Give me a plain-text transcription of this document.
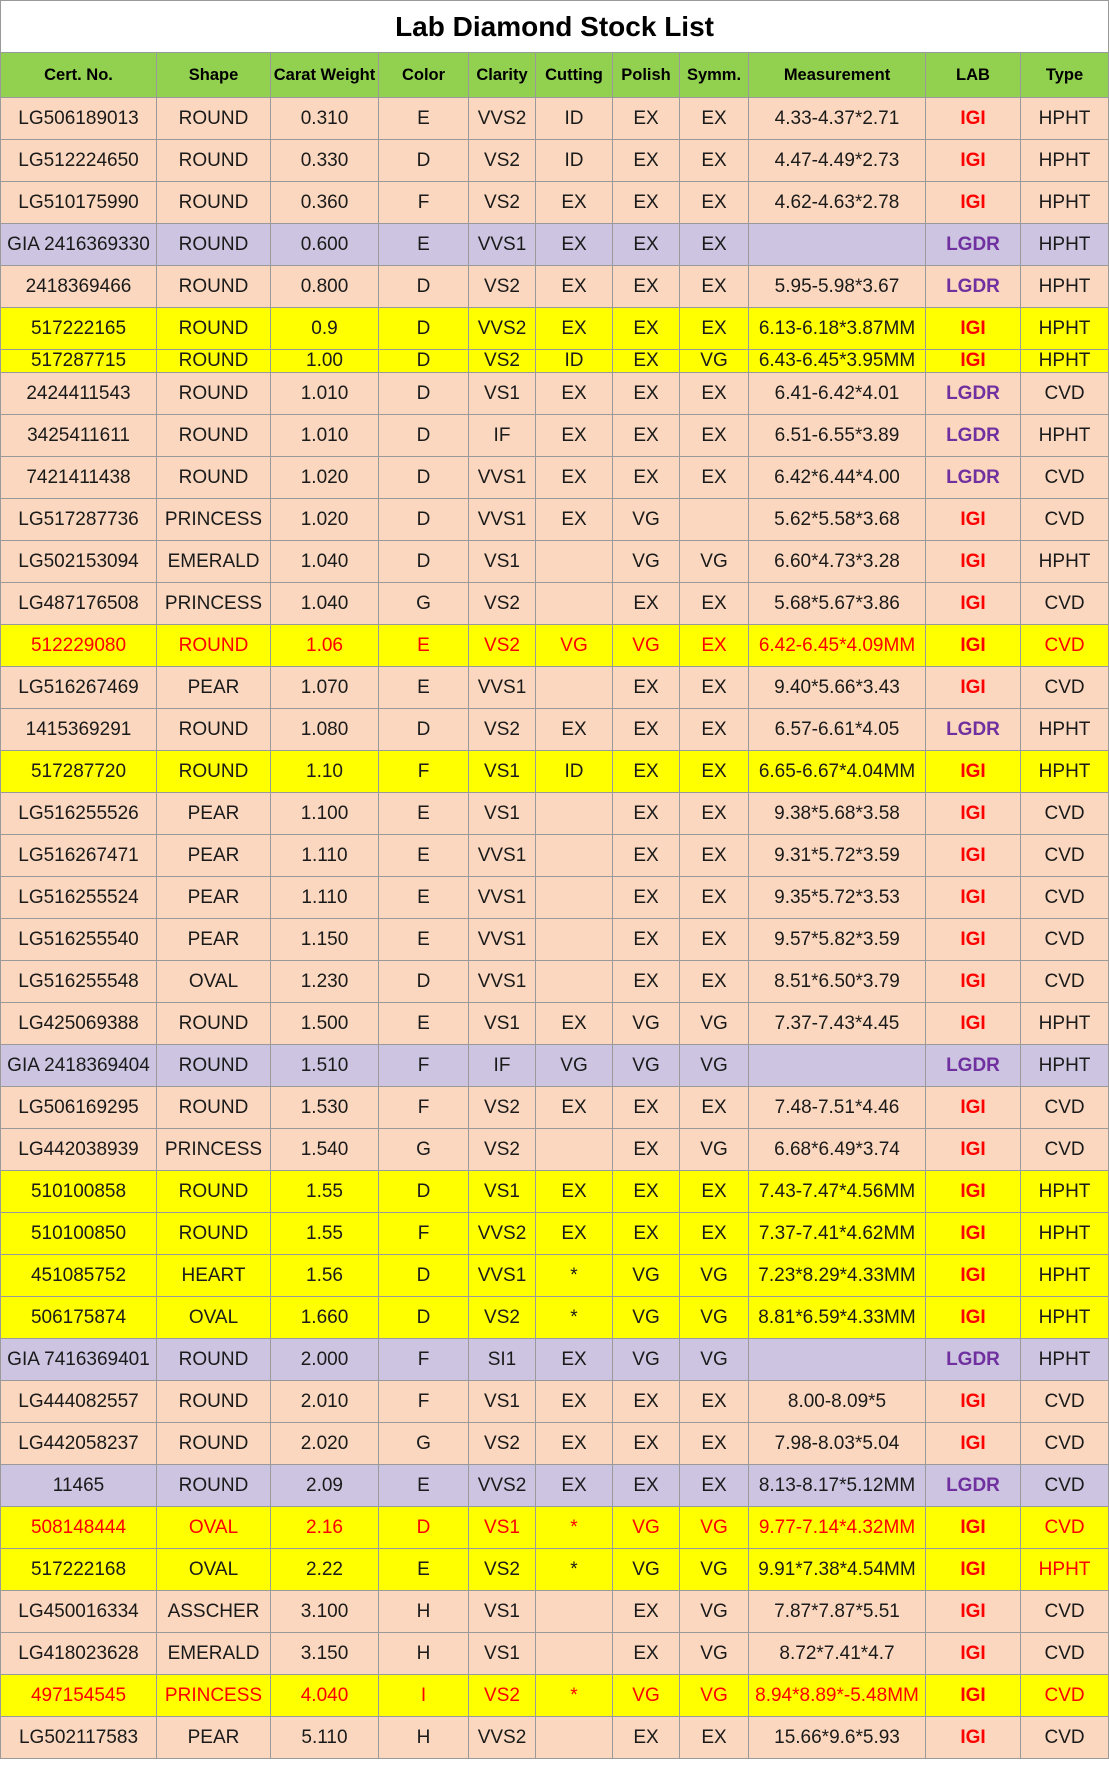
Lab Diamond Stock List										
Cert. No.	Shape	Carat Weight	Color	Clarity	Cutting	Polish	Symm.	Measurement	LAB	Type
LG506189013	ROUND	0.310	E	VVS2	ID	EX	EX	4.33-4.37*2.71	IGI	HPHT
LG512224650	ROUND	0.330	D	VS2	ID	EX	EX	4.47-4.49*2.73	IGI	HPHT
LG510175990	ROUND	0.360	F	VS2	EX	EX	EX	4.62-4.63*2.78	IGI	HPHT
GIA 2416369330	ROUND	0.600	E	VVS1	EX	EX	EX		LGDR	HPHT
2418369466	ROUND	0.800	D	VS2	EX	EX	EX	5.95-5.98*3.67	LGDR	HPHT
517222165	ROUND	0.9	D	VVS2	EX	EX	EX	6.13-6.18*3.87MM	IGI	HPHT
517287715	ROUND	1.00	D	VS2	ID	EX	VG	6.43-6.45*3.95MM	IGI	HPHT
2424411543	ROUND	1.010	D	VS1	EX	EX	EX	6.41-6.42*4.01	LGDR	CVD
3425411611	ROUND	1.010	D	IF	EX	EX	EX	6.51-6.55*3.89	LGDR	HPHT
7421411438	ROUND	1.020	D	VVS1	EX	EX	EX	6.42*6.44*4.00	LGDR	CVD
LG517287736	PRINCESS	1.020	D	VVS1	EX	VG		5.62*5.58*3.68	IGI	CVD
LG502153094	EMERALD	1.040	D	VS1		VG	VG	6.60*4.73*3.28	IGI	HPHT
LG487176508	PRINCESS	1.040	G	VS2		EX	EX	5.68*5.67*3.86	IGI	CVD
512229080	ROUND	1.06	E	VS2	VG	VG	EX	6.42-6.45*4.09MM	IGI	CVD
LG516267469	PEAR	1.070	E	VVS1		EX	EX	9.40*5.66*3.43	IGI	CVD
1415369291	ROUND	1.080	D	VS2	EX	EX	EX	6.57-6.61*4.05	LGDR	HPHT
517287720	ROUND	1.10	F	VS1	ID	EX	EX	6.65-6.67*4.04MM	IGI	HPHT
LG516255526	PEAR	1.100	E	VS1		EX	EX	9.38*5.68*3.58	IGI	CVD
LG516267471	PEAR	1.110	E	VVS1		EX	EX	9.31*5.72*3.59	IGI	CVD
LG516255524	PEAR	1.110	E	VVS1		EX	EX	9.35*5.72*3.53	IGI	CVD
LG516255540	PEAR	1.150	E	VVS1		EX	EX	9.57*5.82*3.59	IGI	CVD
LG516255548	OVAL	1.230	D	VVS1		EX	EX	8.51*6.50*3.79	IGI	CVD
LG425069388	ROUND	1.500	E	VS1	EX	VG	VG	7.37-7.43*4.45	IGI	HPHT
GIA 2418369404	ROUND	1.510	F	IF	VG	VG	VG		LGDR	HPHT
LG506169295	ROUND	1.530	F	VS2	EX	EX	EX	7.48-7.51*4.46	IGI	CVD
LG442038939	PRINCESS	1.540	G	VS2		EX	VG	6.68*6.49*3.74	IGI	CVD
510100858	ROUND	1.55	D	VS1	EX	EX	EX	7.43-7.47*4.56MM	IGI	HPHT
510100850	ROUND	1.55	F	VVS2	EX	EX	EX	7.37-7.41*4.62MM	IGI	HPHT
451085752	HEART	1.56	D	VVS1	*	VG	VG	7.23*8.29*4.33MM	IGI	HPHT
506175874	OVAL	1.660	D	VS2	*	VG	VG	8.81*6.59*4.33MM	IGI	HPHT
GIA 7416369401	ROUND	2.000	F	SI1	EX	VG	VG		LGDR	HPHT
LG444082557	ROUND	2.010	F	VS1	EX	EX	EX	8.00-8.09*5	IGI	CVD
LG442058237	ROUND	2.020	G	VS2	EX	EX	EX	7.98-8.03*5.04	IGI	CVD
11465	ROUND	2.09	E	VVS2	EX	EX	EX	8.13-8.17*5.12MM	LGDR	CVD
508148444	OVAL	2.16	D	VS1	*	VG	VG	9.77-7.14*4.32MM	IGI	CVD
517222168	OVAL	2.22	E	VS2	*	VG	VG	9.91*7.38*4.54MM	IGI	HPHT
LG450016334	ASSCHER	3.100	H	VS1		EX	VG	7.87*7.87*5.51	IGI	CVD
LG418023628	EMERALD	3.150	H	VS1		EX	VG	8.72*7.41*4.7	IGI	CVD
497154545	PRINCESS	4.040	I	VS2	*	VG	VG	8.94*8.89*-5.48MM	IGI	CVD
LG502117583	PEAR	5.110	H	VVS2		EX	EX	15.66*9.6*5.93	IGI	CVD
